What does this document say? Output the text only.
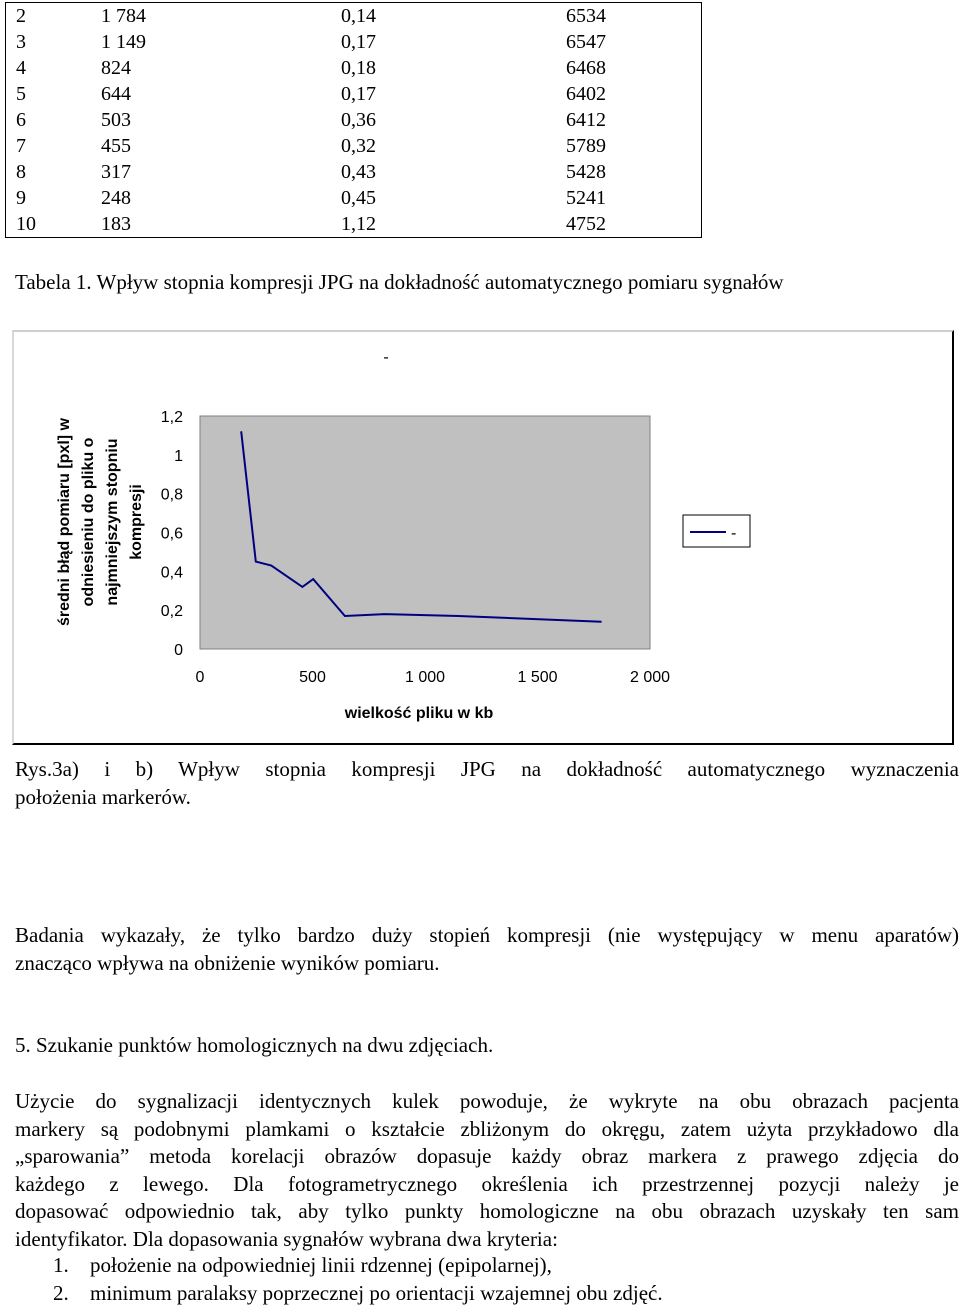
2	1 784	0,14	6534
3	1 149	0,17	6547
4	824	0,18	6468
5	644	0,17	6402
6	503	0,36	6412
7	455	0,32	5789
8	317	0,43	5428
9	248	0,45	5241
10	183	1,12	4752
Tabela 1. Wpływ stopnia kompresji JPG na dokładność automatycznego pomiaru sygnałów
-
0
0,2
0,4
0,6
0,8
1
1,2
0	500	1 000	1 500	2 000
wielkość pliku w kb
średni błąd pomiaru [pxl] w odniesieniu do pliku o najmniejszym stopniu kompresji	-
Rys.3a) i b) Wpływ stopnia kompresji JPG na dokładność automatycznego wyznaczenia
położenia markerów.
Badania wykazały, że tylko bardzo duży stopień kompresji (nie występujący w menu aparatów)
znacząco wpływa na obniżenie wyników pomiaru.
5. Szukanie punktów homologicznych na dwu zdjęciach.
Użycie do sygnalizacji identycznych kulek powoduje, że wykryte na obu obrazach pacjenta
markery są podobnymi plamkami o kształcie zbliżonym do okręgu, zatem użyta przykładowo dla
„sparowania” metoda korelacji obrazów dopasuje każdy obraz markera z prawego zdjęcia do
każdego z lewego. Dla fotogrametrycznego określenia ich przestrzennej pozycji należy je
dopasować odpowiednio tak, aby tylko punkty homologiczne na obu obrazach uzyskały ten sam
identyfikator. Dla dopasowania sygnałów wybrana dwa kryteria:
1. położenie na odpowiedniej linii rdzennej (epipolarnej),
2. minimum paralaksy poprzecznej po orientacji wzajemnej obu zdjęć.
